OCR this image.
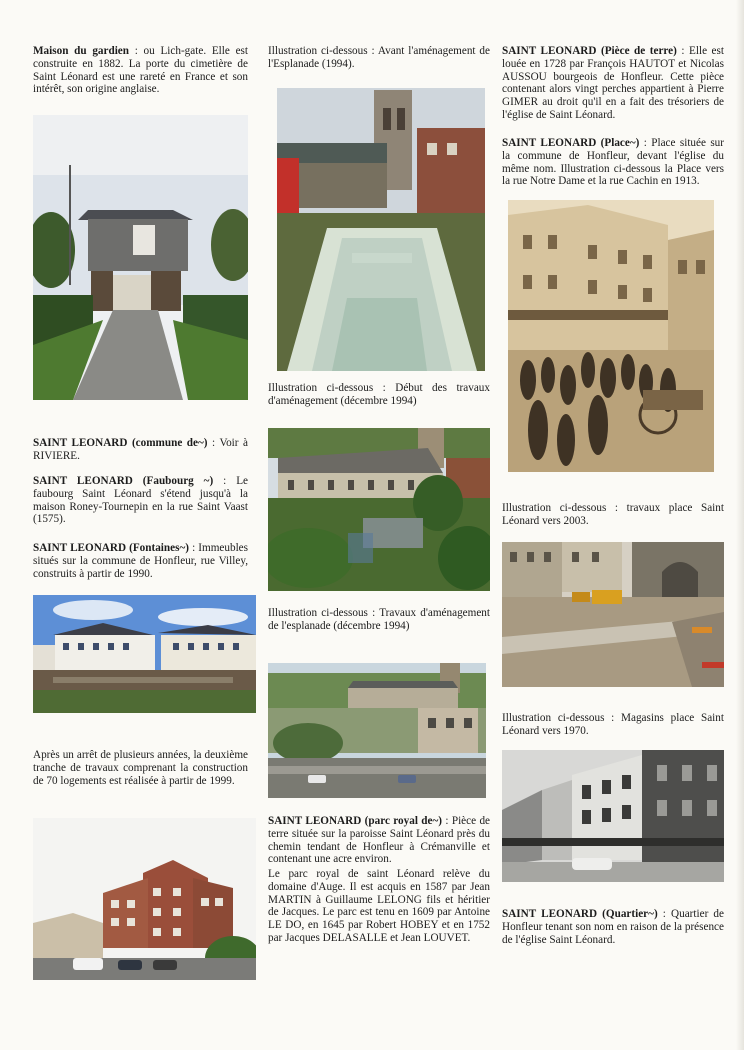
Maison du gardien : ou Lich-gate. Elle est construite en 1882. La porte du cimetière de Saint Léonard est une rareté en France et son intérêt, son origine anglaise.

SAINT LEONARD (commune de~) : Voir à RIVIERE.

SAINT LEONARD (Faubourg ~) : Le faubourg Saint Léonard s'étend jusqu'à la maison Roney-Tournepin en la rue Saint Vaast (1575).

SAINT LEONARD (Fontaines~) : Immeubles situés sur la commune de Honfleur, rue Villey, construits à partir de 1990.

Après un arrêt de plusieurs années, la deuxième tranche de travaux comprenant la construction de 70 logements est réalisée à partir de 1999.

Illustration ci-dessous : Avant l'aménagement de l'Esplanade (1994).

Illustration ci-dessous : Début des travaux d'aménagement (décembre 1994)

Illustration ci-dessous : Travaux d'aménagement de l'esplanade (décembre 1994)

SAINT LEONARD (parc royal de~) : Pièce de terre située sur la paroisse Saint Léonard près du chemin tendant de Honfleur à Crémanville et contenant une acre environ.

Le parc royal de saint Léonard relève du domaine d'Auge. Il est acquis en 1587 par Jean MARTIN à Guillaume LELONG fils et héritier de Jacques. Le parc est tenu en 1609 par Antoine LE DO, en 1645 par Robert HOBEY et en 1752 par Jacques DELASALLE et Jean LOUVET.

SAINT LEONARD (Pièce de terre) : Elle est louée en 1728 par François HAUTOT et Nicolas AUSSOU bourgeois de Honfleur. Cette pièce contenant alors vingt perches appartient à Pierre GIMER au droit qu'il en a fait des trésoriers de l'église de Saint Léonard.

SAINT LEONARD (Place~) : Place située sur la commune de Honfleur, devant l'église du même nom. Illustration ci-dessous la Place vers la rue Notre Dame et la rue Cachin en 1913.

Illustration ci-dessous : travaux place Saint Léonard vers 2003.

Illustration ci-dessous : Magasins place Saint Léonard vers 1970.

SAINT LEONARD (Quartier~) : Quartier de Honfleur tenant son nom en raison de la présence de l'église Saint Léonard.
